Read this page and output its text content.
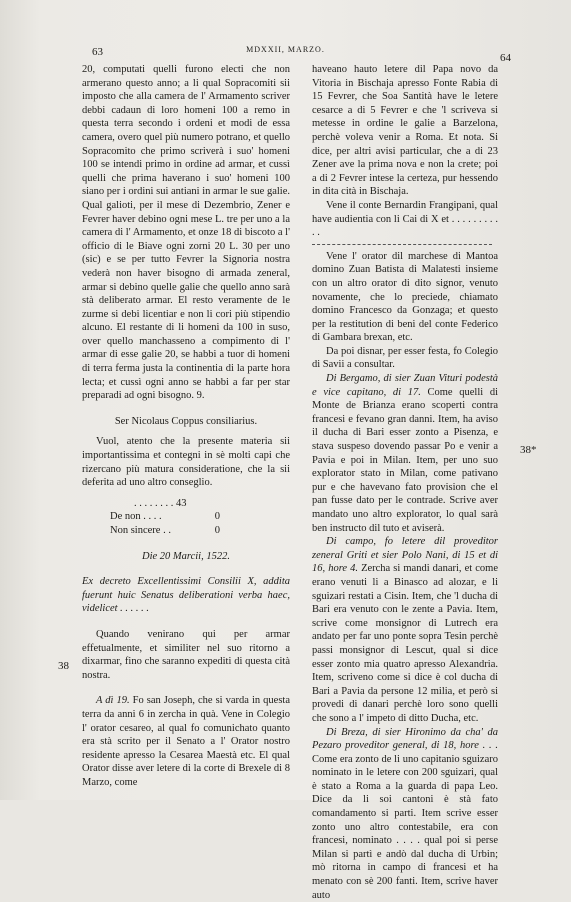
63	MDXXII, MARZO.
64
38
38*

20, computati quelli furono electi che non armerano questo anno; a li qual Sopracomiti sii imposto che alla camera de l' Armamento scriver debbi cadaun di loro homeni 100 a remo in questa terra secondo i ordeni et modi de essa camera, overo quel più numero potrano, et quello Sopracomito che primo scriverà i suo' homeni 100 se intendi primo in ordine ad armar, et cussì quelli che prima haverano i suo' homeni 100 siano per i ordini sui antiani in armar le sue galie. Qual galioti, per il mese di Dezembrio, Zener e Fevrer haver debino ogni mese L. tre per uno a la camera di l' Armamento, et onze 18 di biscoto a l' officio di le Biave ogni zorni 20 L. 30 per uno (sic) e se per tutto Fevrer la Signoria nostra vederà non haver bisogno di armada zeneral, armar si debino quelle galie che quello anno sarà stà deliberato armar. El resto veramente de le zurme si debi licentiar e non li cori più stipendio alcuno. El restante di li homeni da 100 in suso, over quello manchasseno a compimento di l' armar di esse galie 20, se habbi a tuor di homeni di terra ferma justa la continentia di la parte hora lecta; et cussì ogni anno se habbi a far per star preparadi ad ogni bisogno. 9.

Ser Nicolaus Coppus consiliarius.

Vuol, atento che la presente materia sii importantissima et contegni in sè molti capi che rizercano più matura consideratione, che la sii deferita ad uno altro conseglio.

. . . . . . . . 43
De non . . . .	0
Non sincere . .	0

Die 20 Marcii, 1522.

Ex decreto Excellentissimi Consilii X, addita fuerunt huic Senatus deliberationi verba haec, videlicet . . . . . .

Quando venirano qui per armar effetualmente, et similiter nel suo ritorno a dixarmar, fino che saranno expediti di questa cità nostra.

A dì 19. Fo san Joseph, che si varda in questa terra da anni 6 in zercha in quà. Vene in Colegio l' orator cesareo, al qual fo comunichato quanto era stà scrito per il Senato a l' Orator nostro residente apresso la Cesarea Maestà etc. El qual Orator disse aver letere di la corte di Brexele di 8 Marzo, come

haveano hauto letere dil Papa novo da Vitoria in Bischaja apresso Fonte Rabia di 15 Fevrer, che Soa Santità have le letere cesarce a di 5 Fevrer e che 'l scriveva si metesse in ordine le galie a Barzelona, perchè voleva venir a Roma. Et nota. Si dice, per altri avisi particular, che a di 23 Zener ave la prima nova e non la crete; poi a di 2 Fevrer intese la certeza, pur hessendo in dita cità in Bischaja.

Vene il conte Bernardin Frangipani, qual have audientia con li Cai di X et . . . . . . . . . . .

Vene l' orator dil marchese di Mantoa domino Zuan Batista di Malatesti insieme con un altro orator di dito signor, venuto novamente, che lo preciede, chiamato domino Francesco da Gonzaga; et questo per la restitution di beni del conte Federico di Gambara brexan, etc.

Da poi disnar, per esser festa, fo Colegio di Savii a consultar.

Di Bergamo, di sier Zuan Vituri podestà e vice capitano, di 17. Come quelli di Monte de Brianza erano scoperti contra francesi e fevano gran danni. Item, ha aviso il ducha di Bari esser zonto a Pisenza, e stava suspeso dovendo passar Po e venir a Pavia e poi in Milan. Item, per uno suo explorator stato in Milan, come pativano pur e che havevano fato provision che el pan fusse dato per le contrade. Scrive aver mandato uno altro explorator, lo qual sarà ben instructo dil tuto et aviserà.

Di campo, fo letere dil proveditor zeneral Griti et sier Polo Nani, di 15 et di 16, hore 4. Zercha si mandi danari, et come erano venuti li a Binasco ad alozar, e li sguizari restati a Cisin. Item, che 'l ducha di Bari era venuto con le zente a Pavia. Item, scrive come monsignor di Lutrech era andato per far uno ponte sopra Tesin perchè passi monsignor di Lescut, qual si dice esser zonto mia quatro apresso Alexandria. Item, scriveno come si dice è col ducha di Bari a Pavia da persone 12 milia, et però si provedi di danari perchè loro sono quelli che sono a l' impeto di ditto Ducha, etc.

Di Breza, di sier Hironimo da cha' da Pezaro proveditor general, di 18, hore . . . Come era zonto de li uno capitanio sguizaro nominato in le letere con 200 sguizari, qual è stato a Roma a la guarda di papa Leo. Dice da li soi cantoni è stà fato comandamento si parti. Item scrive esser zonto uno altro contestabile, era con francesi, nominato . . . . qual poi si perse Milan si partì e andò dal ducha di Urbin; mò ritorna in campo di francesi et ha menato con sè 200 fanti. Item, scrive haver auto
